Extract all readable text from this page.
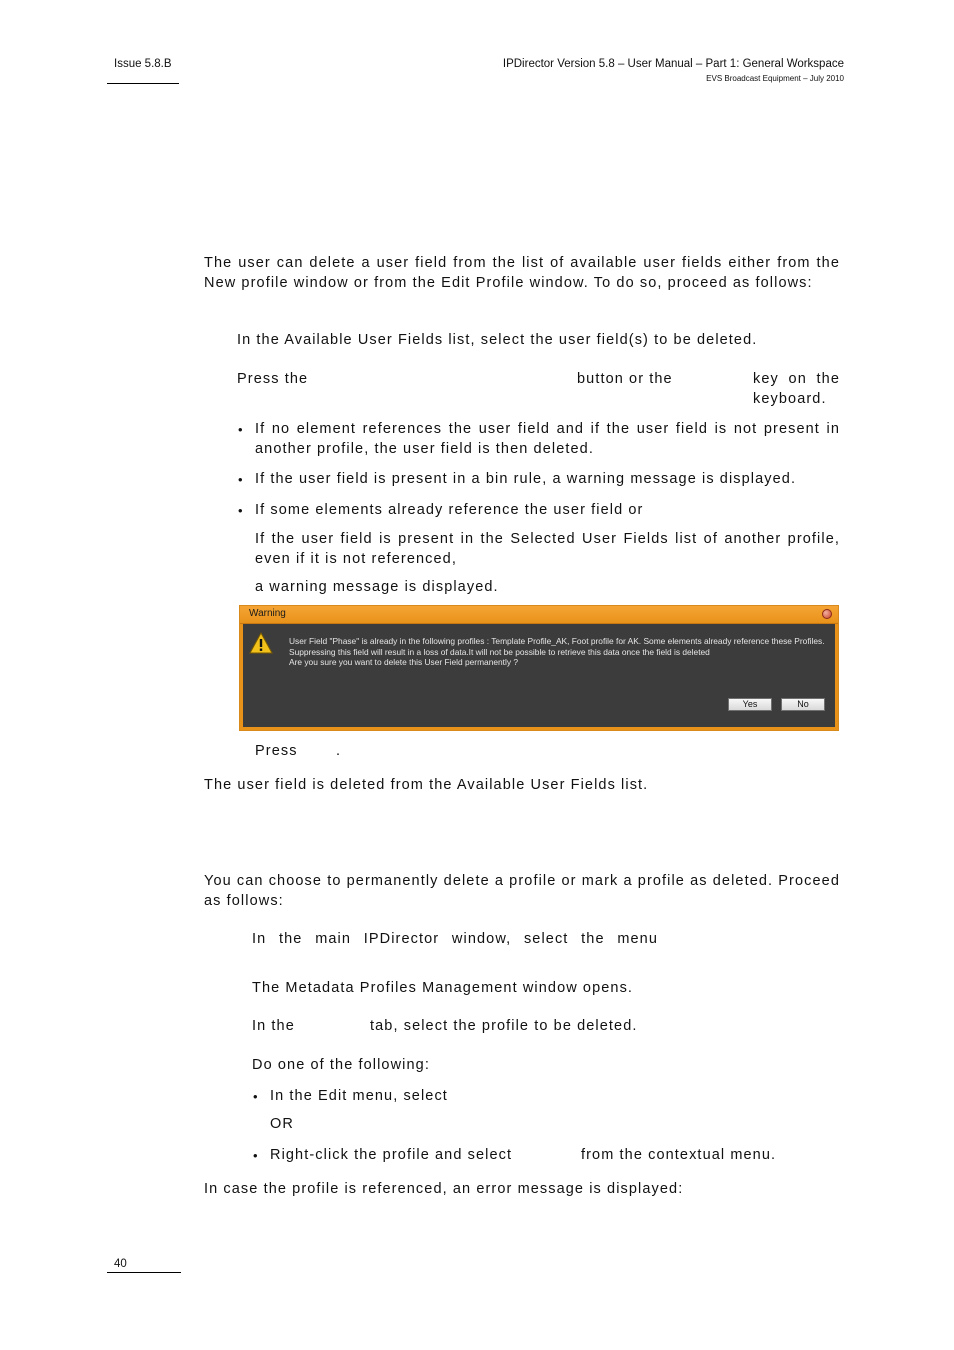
Issue 5.8.B	IPDirector Version 5.8 – User Manual – Part 1: General Workspace
EVS Broadcast Equipment – July 2010
The user can delete a user field from the list of available user fields either from the New profile window or from the Edit Profile window. To do so, proceed as follows:
In the Available User Fields list, select the user field(s) to be deleted.
Press the	button or the	key on the keyboard.
• If no element references the user field and if the user field is not present in another profile, the user field is then deleted.
• If the user field is present in a bin rule, a warning message is displayed.
• If some elements already reference the user field or
If the user field is present in the Selected User Fields list of another profile, even if it is not referenced,
a warning message is displayed.
Warning
User Field "Phase" is already in the following profiles : Template Profile_AK, Foot profile for AK. Some elements already reference these Profiles.
Suppressing this field will result in a loss of data.It will not be possible to retrieve this data once the field is deleted
Are you sure you want to delete this User Field permanently ?
Yes	No
Press	.
The user field is deleted from the Available User Fields list.
You can choose to permanently delete a profile or mark a profile as deleted. Proceed as follows:
In the main IPDirector window, select the menu
The Metadata Profiles Management window opens.
In the	tab, select the profile to be deleted.
Do one of the following:
• In the Edit menu, select
OR
• Right-click the profile and select	from the contextual menu.
In case the profile is referenced, an error message is displayed:
40
